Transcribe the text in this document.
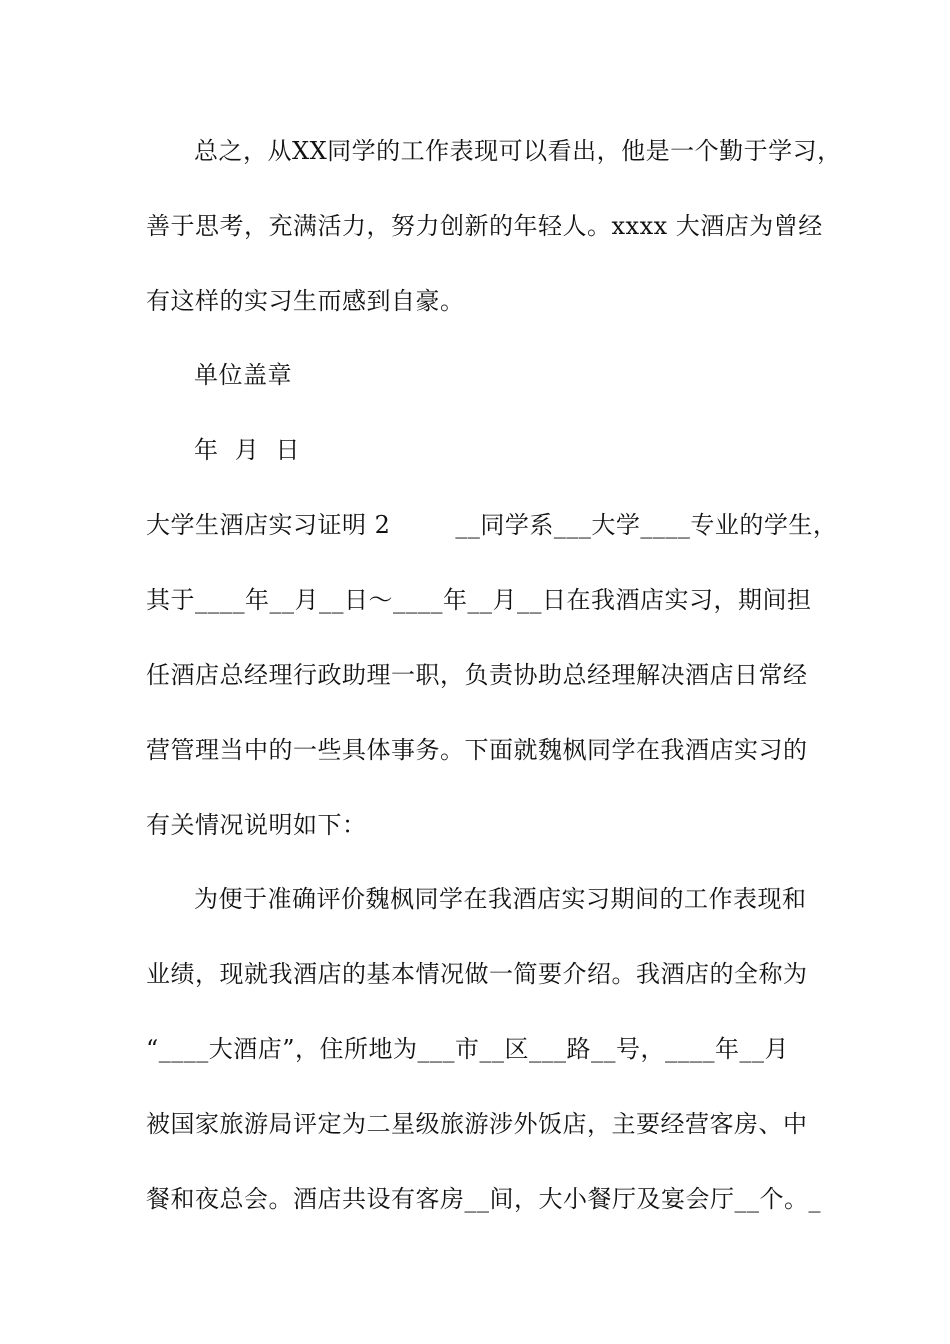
总之，从XX同学的工作表现可以看出，他是一个勤于学习，
善于思考，充满活力，努力创新的年轻人。xxxx 大酒店为曾经
有这样的实习生而感到自豪。
单位盖章
年  月  日
大学生酒店实习证明 2        __同学系___大学____专业的学生，
其于____年__月__日～____年__月__日在我酒店实习，期间担
任酒店总经理行政助理一职，负责协助总经理解决酒店日常经
营管理当中的一些具体事务。下面就魏枫同学在我酒店实习的
有关情况说明如下：
为便于准确评价魏枫同学在我酒店实习期间的工作表现和
业绩，现就我酒店的基本情况做一简要介绍。我酒店的全称为
“____大酒店”，住所地为___市__区___路__号，____年__月
被国家旅游局评定为二星级旅游涉外饭店，主要经营客房、中
餐和夜总会。酒店共设有客房__间，大小餐厅及宴会厅__个。_
